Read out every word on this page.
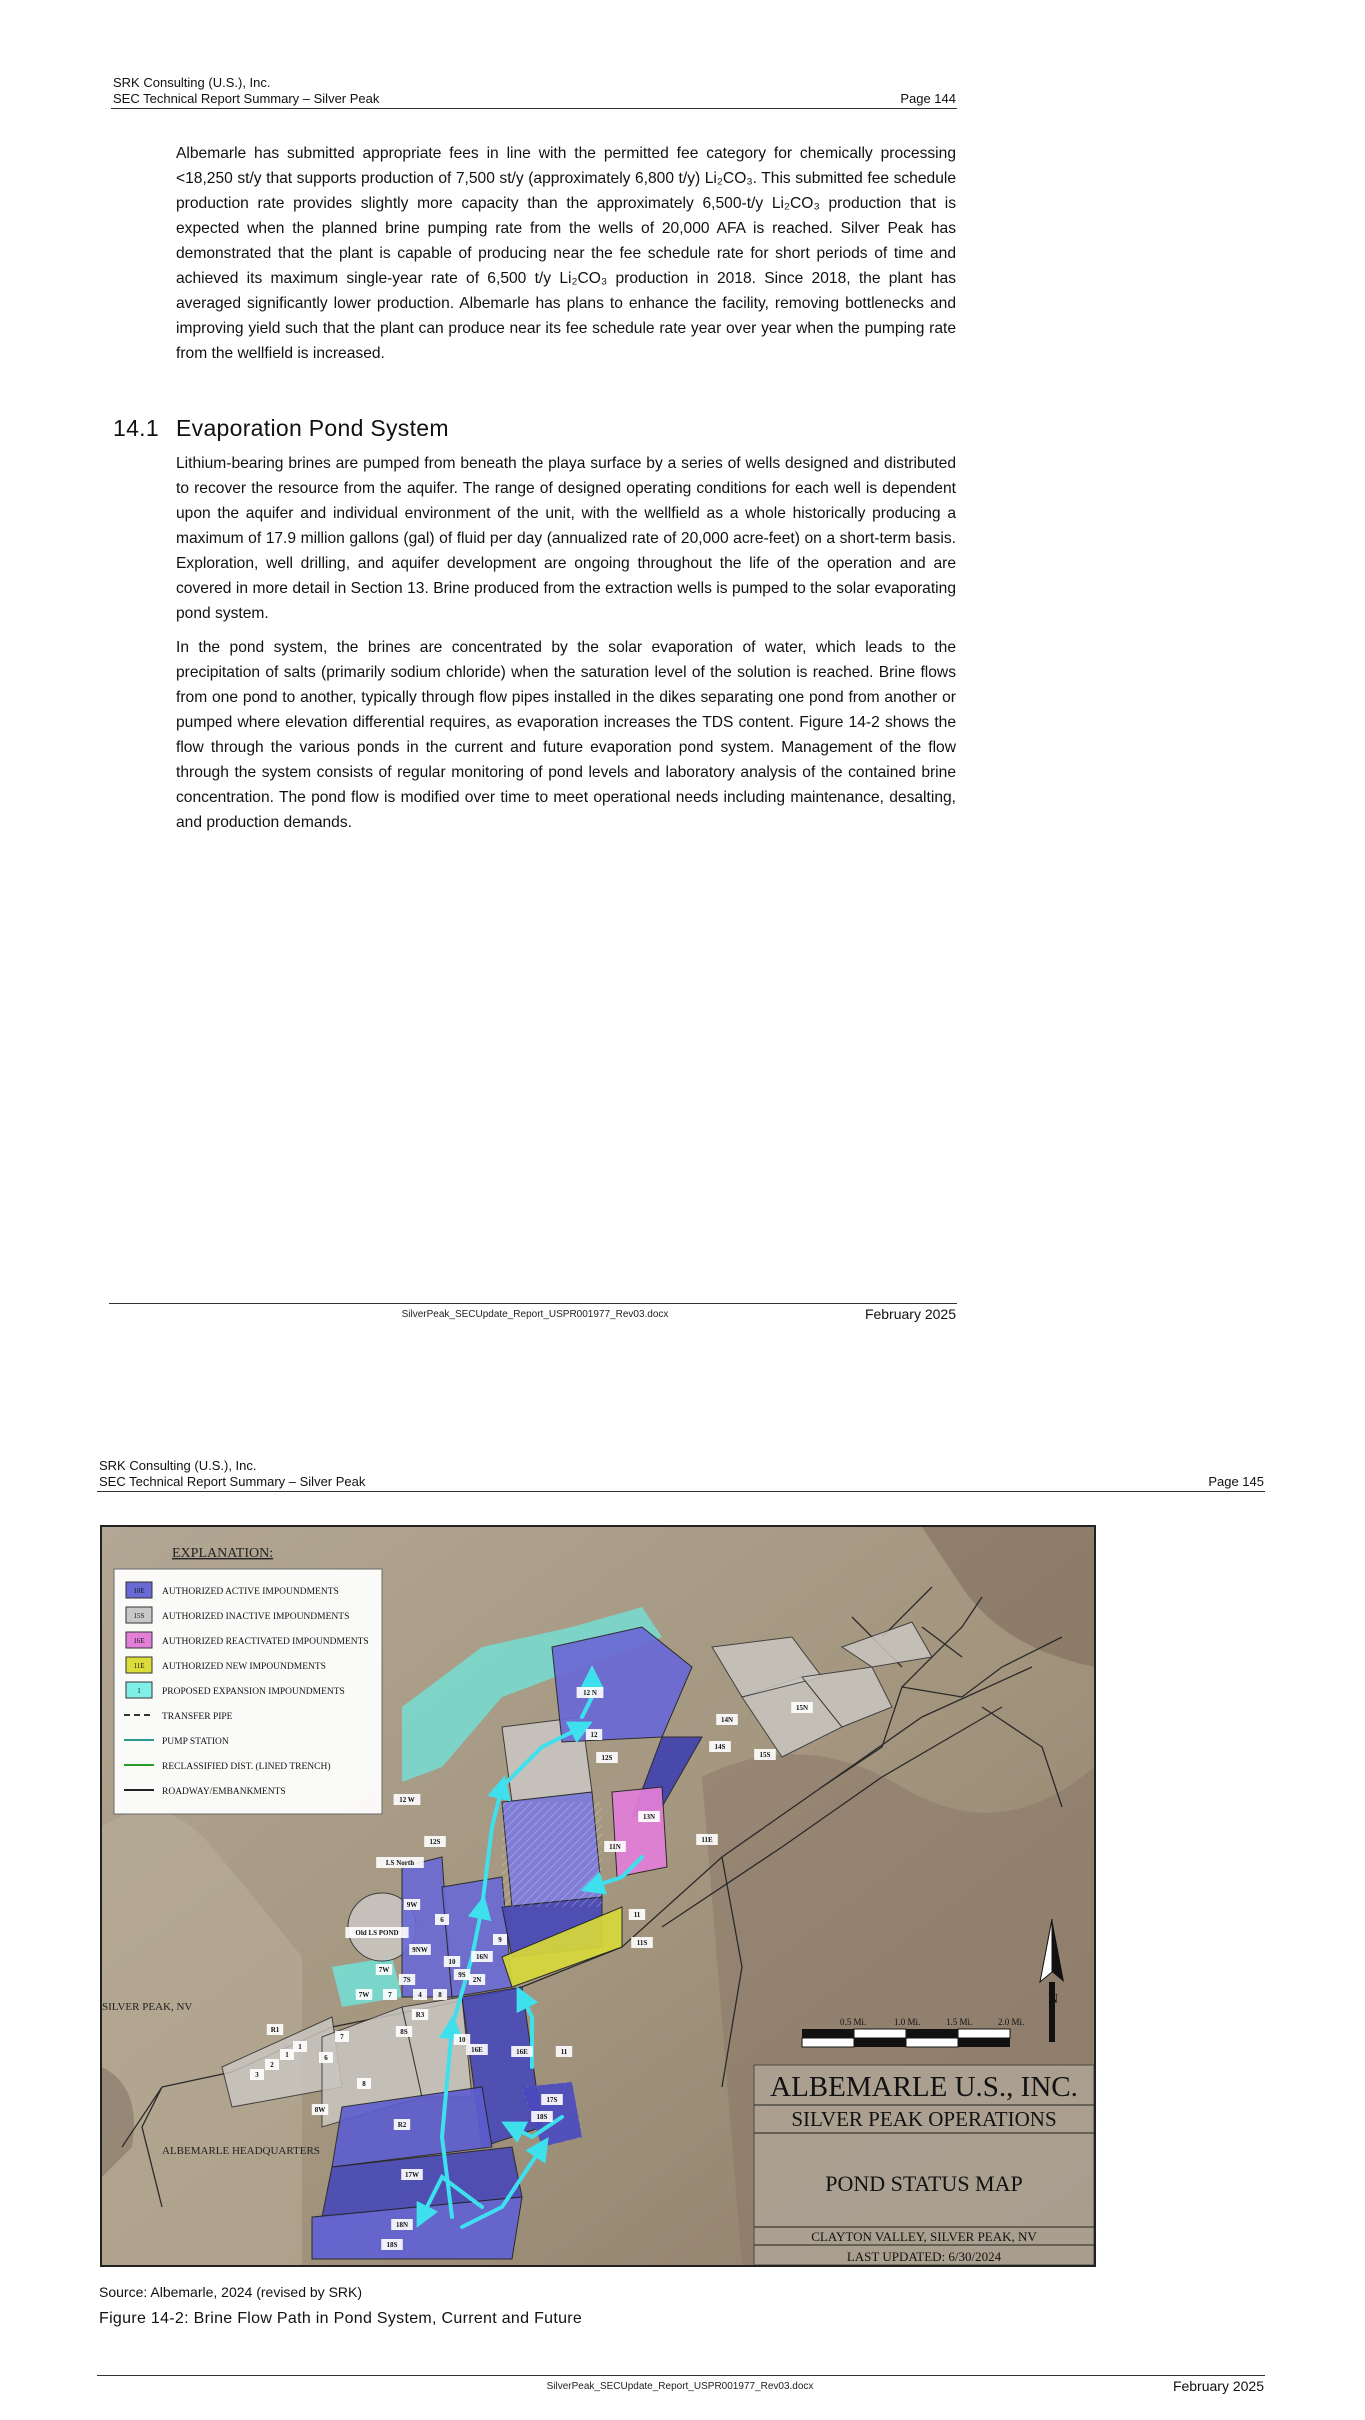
SRK Consulting (U.S.), Inc.
SEC Technical Report Summary – Silver Peak	Page 144

Albemarle has submitted appropriate fees in line with the permitted fee category for chemically processing <18,250 st/y that supports production of 7,500 st/y (approximately 6,800 t/y) Li₂CO₃. This submitted fee schedule production rate provides slightly more capacity than the approximately 6,500-t/y Li₂CO₃ production that is expected when the planned brine pumping rate from the wells of 20,000 AFA is reached. Silver Peak has demonstrated that the plant is capable of producing near the fee schedule rate for short periods of time and achieved its maximum single-year rate of 6,500 t/y Li₂CO₃ production in 2018. Since 2018, the plant has averaged significantly lower production. Albemarle has plans to enhance the facility, removing bottlenecks and improving yield such that the plant can produce near its fee schedule rate year over year when the pumping rate from the wellfield is increased.

14.1 Evaporation Pond System

Lithium-bearing brines are pumped from beneath the playa surface by a series of wells designed and distributed to recover the resource from the aquifer. The range of designed operating conditions for each well is dependent upon the aquifer and individual environment of the unit, with the wellfield as a whole historically producing a maximum of 17.9 million gallons (gal) of fluid per day (annualized rate of 20,000 acre-feet) on a short-term basis. Exploration, well drilling, and aquifer development are ongoing throughout the life of the operation and are covered in more detail in Section 13. Brine produced from the extraction wells is pumped to the solar evaporating pond system.

In the pond system, the brines are concentrated by the solar evaporation of water, which leads to the precipitation of salts (primarily sodium chloride) when the saturation level of the solution is reached. Brine flows from one pond to another, typically through flow pipes installed in the dikes separating one pond from another or pumped where elevation differential requires, as evaporation increases the TDS content. Figure 14-2 shows the flow through the various ponds in the current and future evaporation pond system. Management of the flow through the system consists of regular monitoring of pond levels and laboratory analysis of the contained brine concentration. The pond flow is modified over time to meet operational needs including maintenance, desalting, and production demands.

SilverPeak_SECUpdate_Report_USPR001977_Rev03.docx	February 2025
SRK Consulting (U.S.), Inc.
SEC Technical Report Summary – Silver Peak	Page 145
EXPLANATION:
10E AUTHORIZED ACTIVE IMPOUNDMENTS
15S AUTHORIZED INACTIVE IMPOUNDMENTS
16E AUTHORIZED REACTIVATED IMPOUNDMENTS
11E AUTHORIZED NEW IMPOUNDMENTS
1 PROPOSED EXPANSION IMPOUNDMENTS
TRANSFER PIPE
PUMP STATION
RECLASSIFIED DIST. (LINED TRENCH)
ROADWAY/EMBANKMENTS
12 N
14N
15N
12
14S
15S
12 W
12S
11N
13N
11E
12S
LS North
9W
11
6
11S
Old LS POND
9NW
7W
7S
10
7	4 8
9
16N
2N
9S
R3
8S
10
16E	16E	11
17S
18S
7W
R1
7
1
6
8
1
2
3
8W
R2
17W
18N
18S
SILVER PEAK, NV
ALBEMARLE HEADQUARTERS
0.5 Mi.	1.0 Mi.	1.5 Mi.	2.0 Mi.
N
ALBEMARLE U.S., INC.
SILVER PEAK OPERATIONS
POND STATUS MAP
CLAYTON VALLEY, SILVER PEAK, NV
LAST UPDATED: 6/30/2024
Source: Albemarle, 2024 (revised by SRK)
Figure 14-2: Brine Flow Path in Pond System, Current and Future
SilverPeak_SECUpdate_Report_USPR001977_Rev03.docx	February 2025
